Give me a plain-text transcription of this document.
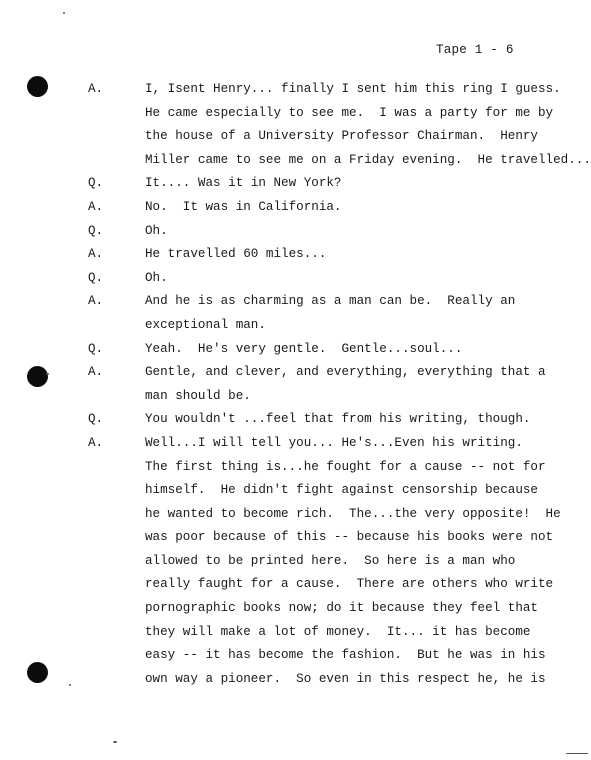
Tape 1 - 6

A.

	I, Isent Henry... finally I sent him this ring I guess.

He came especially to see me.  I was a party for me by

the house of a University Professor Chairman.  Henry

Miller came to see me on a Friday evening.  He travelled...

Q.

	It.... Was it in New York?

A.

	No.  It was in California.

Q.

	Oh.

A.

	He travelled 60 miles...

Q.

	Oh.

A.

	And he is as charming as a man can be.  Really an

exceptional man.

Q.

	Yeah.  He's very gentle.  Gentle...soul...

A.

	Gentle, and clever, and everything, everything that a

man should be.

Q.

	You wouldn't ...feel that from his writing, though.

A.

	Well...I will tell you... He's...Even his writing.

The first thing is...he fought for a cause -- not for

himself.  He didn't fight against censorship because

he wanted to become rich.  The...the very opposite!  He

was poor because of this -- because his books were not

allowed to be printed here.  So here is a man who

really faught for a cause.  There are others who write

pornographic books now; do it because they feel that

they will make a lot of money.  It... it has become

easy -- it has become the fashion.  But he was in his

own way a pioneer.  So even in this respect he, he is
